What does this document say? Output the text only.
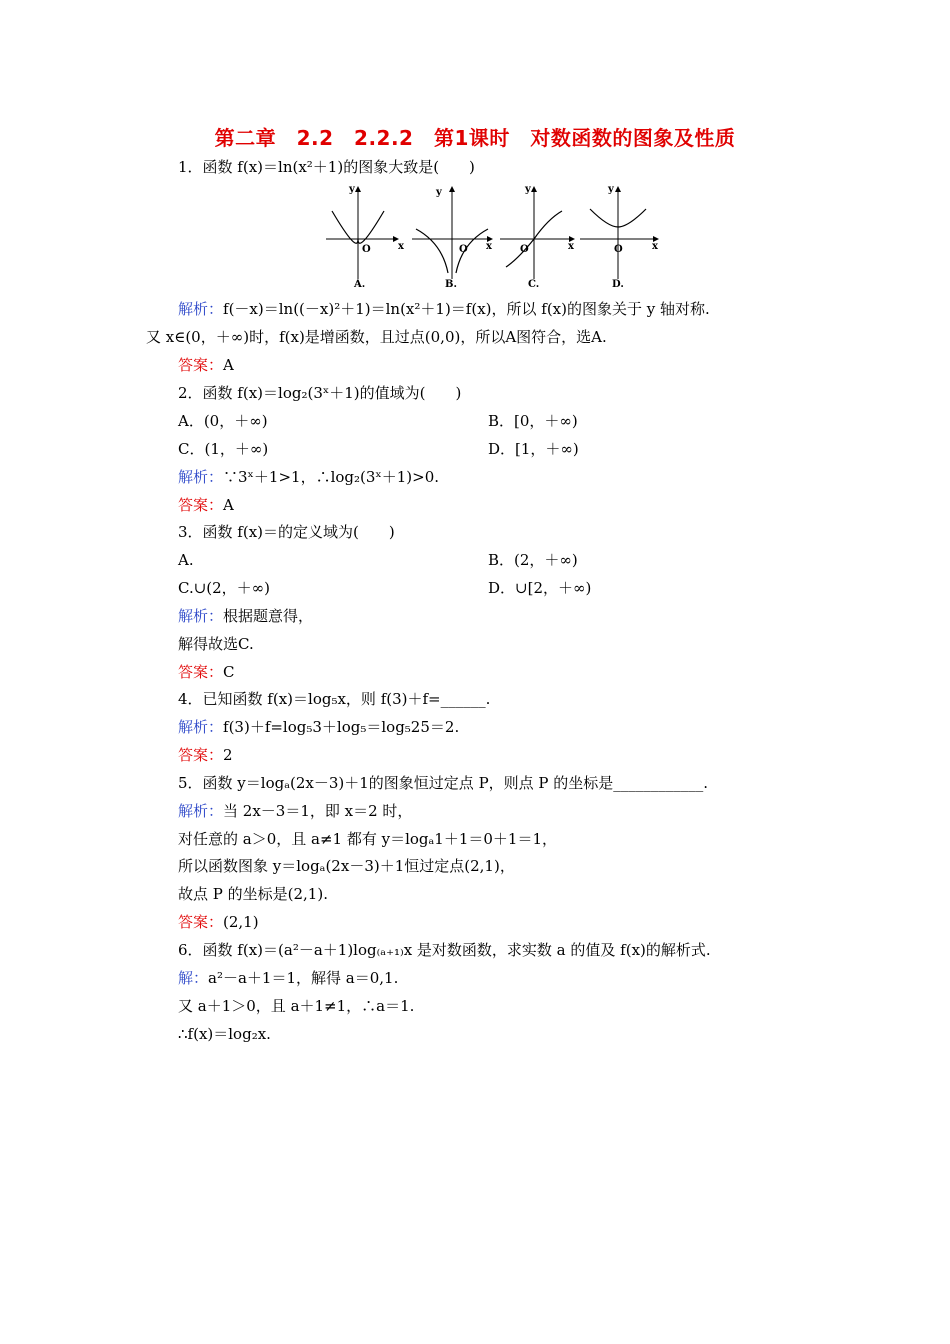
第二章　2.2　2.2.2　第1课时　对数函数的图象及性质
1．函数 f(x)＝ln(x²＋1)的图象大致是(　　)
y
x
O
A.
y
x
O
B.
y
x
O
C.
y
x
O
D.
解析：f(－x)＝ln((－x)²＋1)＝ln(x²＋1)＝f(x)，所以 f(x)的图象关于 y 轴对称.
又 x∈(0，＋∞)时，f(x)是增函数，且过点(0,0)，所以A图符合，选A.
答案：A
2．函数 f(x)＝log₂(3ˣ＋1)的值域为(　　)
A．(0，＋∞)	B．[0，＋∞)
C．(1，＋∞)	D．[1，＋∞)
解析：∵3ˣ＋1>1，∴log₂(3ˣ＋1)>0.
答案：A
3．函数 f(x)＝的定义域为(　　)
A.	B．(2，＋∞)
C.∪(2，＋∞)	D．∪[2，＋∞)
解析：根据题意得，
解得故选C.
答案：C
4．已知函数 f(x)＝log₅x，则 f(3)＋f=______.
解析：f(3)＋f=log₅3＋log₅＝log₅25＝2.
答案：2
5．函数 y＝logₐ(2x－3)＋1的图象恒过定点 P，则点 P 的坐标是____________.
解析：当 2x－3＝1，即 x＝2 时，
对任意的 a＞0，且 a≠1 都有 y＝logₐ1＋1＝0＋1＝1，
所以函数图象 y＝logₐ(2x－3)＋1恒过定点(2,1)，
故点 P 的坐标是(2,1).
答案：(2,1)
6．函数 f(x)＝(a²－a＋1)log₍ₐ₊₁₎x 是对数函数，求实数 a 的值及 f(x)的解析式.
解：a²－a＋1＝1，解得 a＝0,1.
又 a＋1＞0，且 a＋1≠1，∴a＝1.
∴f(x)＝log₂x.
